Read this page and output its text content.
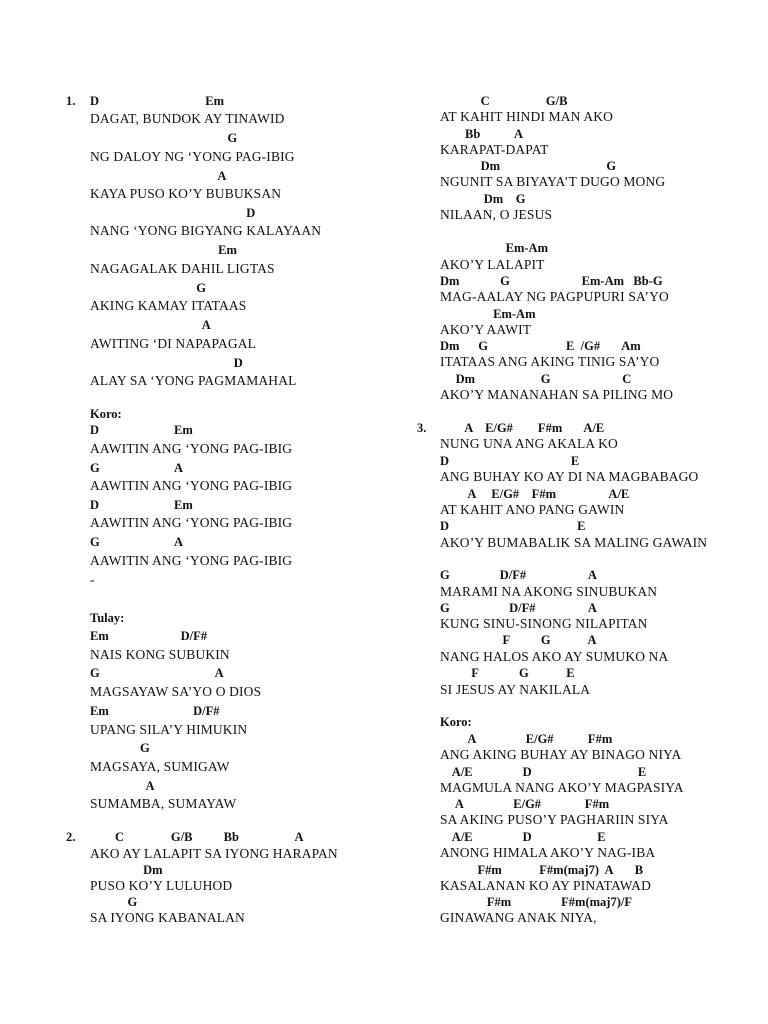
1. D                                  Em
DAGAT, BUNDOK AY TINAWID
G
NG DALOY NG ‘YONG PAG-IBIG
A
KAYA PUSO KO’Y BUBUKSAN
D
NANG ‘YONG BIGYANG KALAYAAN
Em
NAGAGALAK DAHIL LIGTAS
G
AKING KAMAY ITATAAS
A
AWITING ‘DI NAPAPAGAL
D
ALAY SA ‘YONG PAGMAMAHAL
Koro:
D                        Em
AAWITIN ANG ‘YONG PAG-IBIG
G                        A
AAWITIN ANG ‘YONG PAG-IBIG
D                        Em
AAWITIN ANG ‘YONG PAG-IBIG
G                        A
AAWITIN ANG ‘YONG PAG-IBIG
-
Tulay:
Em                       D/F#
NAIS KONG SUBUKIN
G                                     A
MAGSAYAW SA’YO O DIOS
Em                           D/F#
UPANG SILA’Y HIMUKIN
G
MAGSAYA, SUMIGAW
A
SUMAMBA, SUMAYAW
2. C               G/B          Bb                  A
AKO AY LALAPIT SA IYONG HARAPAN
Dm
PUSO KO’Y LULUHOD
G
SA IYONG KABANALAN
C                  G/B
AT KAHIT HINDI MAN AKO
Bb           A
KARAPAT-DAPAT
Dm                                  G
NGUNIT SA BIYAYA’T DUGO MONG
Dm    G
NILAAN, O JESUS
Em-Am
AKO’Y LALAPIT
Dm             G                       Em-Am   Bb-G
MAG-AALAY NG PAGPUPURI SA’YO
Em-Am
AKO’Y AAWIT
Dm      G                         E  /G#       Am
ITATAAS ANG AKING TINIG SA’YO
Dm                     G                       C
AKO’Y MANANAHAN SA PILING MO
3. A    E/G#        F#m       A/E
NUNG UNA ANG AKALA KO
D                                       E
ANG BUHAY KO AY DI NA MAGBABAGO
A     E/G#    F#m                 A/E
AT KAHIT ANO PANG GAWIN
D                                         E
AKO’Y BUMABALIK SA MALING GAWAIN
G                D/F#                    A
MARAMI NA AKONG SINUBUKAN
G                   D/F#                 A
KUNG SINU-SINONG NILAPITAN
F          G            A
NANG HALOS AKO AY SUMUKO NA
F             G            E
SI JESUS AY NAKILALA
Koro:
A                E/G#           F#m
ANG AKING BUHAY AY BINAGO NIYA
A/E                D                                  E
MAGMULA NANG AKO’Y MAGPASIYA
A                E/G#              F#m
SA AKING PUSO’Y PAGHARIIN SIYA
A/E                D                     E
ANONG HIMALA AKO’Y NAG-IBA
F#m            F#m(maj7)  A       B
KASALANAN KO AY PINATAWAD
F#m                F#m(maj7)/F
GINAWANG ANAK NIYA,
